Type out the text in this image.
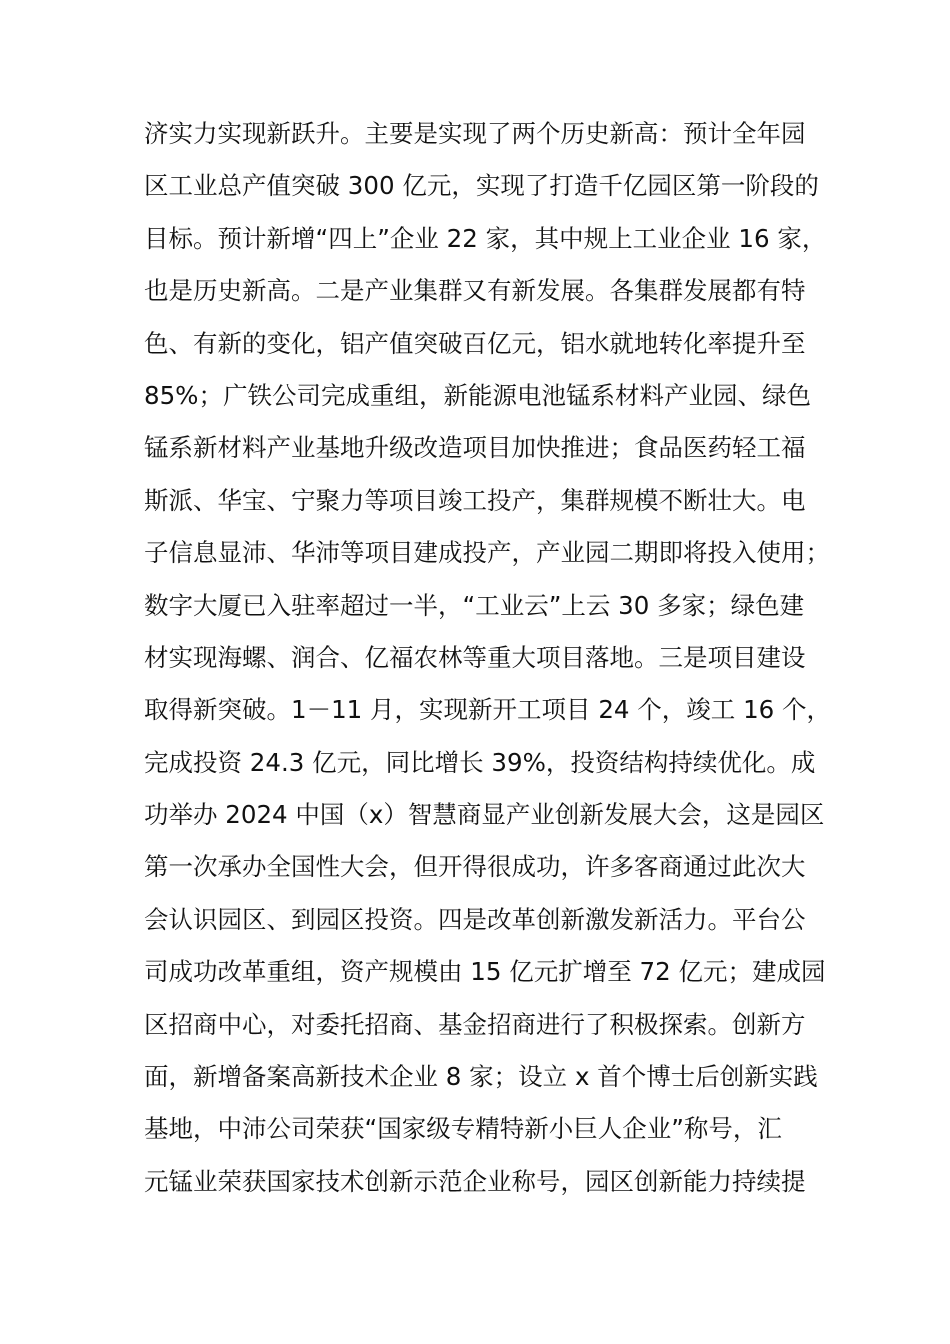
济实力实现新跃升。主要是实现了两个历史新高：预计全年园
区工业总产值突破 300 亿元，实现了打造千亿园区第一阶段的
目标。预计新增“四上”企业 22 家，其中规上工业企业 16 家，
也是历史新高。二是产业集群又有新发展。各集群发展都有特
色、有新的变化，铝产值突破百亿元，铝水就地转化率提升至
85%；广铁公司完成重组，新能源电池锰系材料产业园、绿色
锰系新材料产业基地升级改造项目加快推进；食品医药轻工福
斯派、华宝、宁聚力等项目竣工投产，集群规模不断壮大。电
子信息显沛、华沛等项目建成投产，产业园二期即将投入使用；
数字大厦已入驻率超过一半，“工业云”上云 30 多家；绿色建
材实现海螺、润合、亿福农林等重大项目落地。三是项目建设
取得新突破。1－11 月，实现新开工项目 24 个，竣工 16 个，
完成投资 24.3 亿元，同比增长 39%，投资结构持续优化。成
功举办 2024 中国（x）智慧商显产业创新发展大会，这是园区
第一次承办全国性大会，但开得很成功，许多客商通过此次大
会认识园区、到园区投资。四是改革创新激发新活力。平台公
司成功改革重组，资产规模由 15 亿元扩增至 72 亿元；建成园
区招商中心，对委托招商、基金招商进行了积极探索。创新方
面，新增备案高新技术企业 8 家；设立 x 首个博士后创新实践
基地，中沛公司荣获“国家级专精特新小巨人企业”称号，汇
元锰业荣获国家技术创新示范企业称号，园区创新能力持续提
